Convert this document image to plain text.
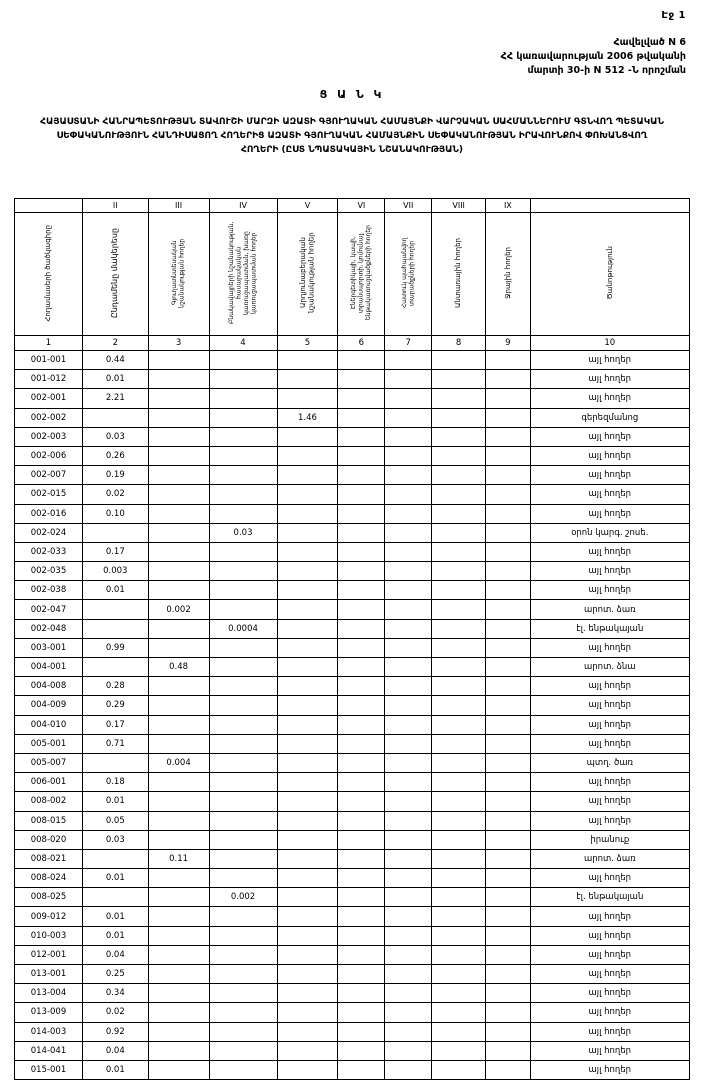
Էջ 1
Հավելված N 6
ՀՀ կառավարության 2006 թվականի
մարտի 30-ի N 512 -Ն որոշման
Ց Ա Ն Կ
ՀԱՅԱՍՏԱՆԻ ՀԱՆՐԱՊԵՏՈՒԹՅԱՆ ՏԱՎՈՒՇԻ ՄԱՐԶԻ ԱԶԱՏԻ ԳՅՈՒՂԱԿԱՆ ՀԱՄԱՅՆՔԻ ՎԱՐՉԱԿԱՆ ՍԱՀՄԱՆՆԵՐՈՒՄ ԳՏՆՎՈՂ ՊԵՏԱԿԱՆ ՍԵՓԱԿԱՆՈՒԹՅՈՒՆ ՀԱՆԴԻՍԱՑՈՂ ՀՈՂԵՐԻՑ ԱԶԱՏԻ ԳՅՈՒՂԱԿԱՆ ՀԱՄԱՅՆՔԻՆ ՍԵՓԱԿԱՆՈՒԹՅԱՆ ԻՐԱՎՈՒՆՔՈՎ ՓՈԽԱՆՑՎՈՂ ՀՈՂԵՐԻ (ԸՍՏ ՆՊԱՏԱԿԱՅԻՆ ՆՇԱՆԱԿՈՒԹՅԱՆ)
	II	III	IV	V	VI	VII	VIII	IX	
Հողամասերի ծածկագիրը	Ընդամենը մակերեսը	Գյուղատնտեսական նշանակության հողեր	Բնակավայրերի նշանակության, հասարակական կառուցապատման, խառը կառուցապատման հողեր	Արդյունաբերական նշանակության հողեր	Էներգետիկայի, կապի, տրանսպորտի, կոմունալ ենթակառուցվածքների հողեր	Հատուկ պահպանվող տարածքների հողեր	Անտառային հողեր	Ջրային հողեր	Ծանոթություն
1	2	3	4	5	6	7	8	9	10
001-001	0.44								այլ հողեր
001-012	0.01								այլ հողեր
002-001	2.21								այլ հողեր
002-002				1.46					գերեզմանոց
002-003	0.03								այլ հողեր
002-006	0.26								այլ հողեր
002-007	0.19								այլ հողեր
002-015	0.02								այլ հողեր
002-016	0.10								այլ հողեր
002-024			0.03						օրոն կարգ. շոսե.
002-033	0.17								այլ հողեր
002-035	0.003								այլ հողեր
002-038	0.01								այլ հողեր
002-047		0.002							արոտ. ձառ
002-048			0.0004						էլ. ենթակայան
003-001	0.99								այլ հողեր
004-001		0.48							արոտ. ձնա
004-008	0.28								այլ հողեր
004-009	0.29								այլ հողեր
004-010	0.17								այլ հողեր
005-001	0.71								այլ հողեր
005-007		0.004							պտղ. ծառ
006-001	0.18								այլ հողեր
008-002	0.01								այլ հողեր
008-015	0.05								այլ հողեր
008-020	0.03								իրանուք
008-021		0.11							արոտ. ձառ
008-024	0.01								այլ հողեր
008-025			0.002						էլ. ենթակայան
009-012	0.01								այլ հողեր
010-003	0.01								այլ հողեր
012-001	0.04								այլ հողեր
013-001	0.25								այլ հողեր
013-004	0.34								այլ հողեր
013-009	0.02								այլ հողեր
014-003	0.92								այլ հողեր
014-041	0.04								այլ հողեր
015-001	0.01								այլ հողեր
